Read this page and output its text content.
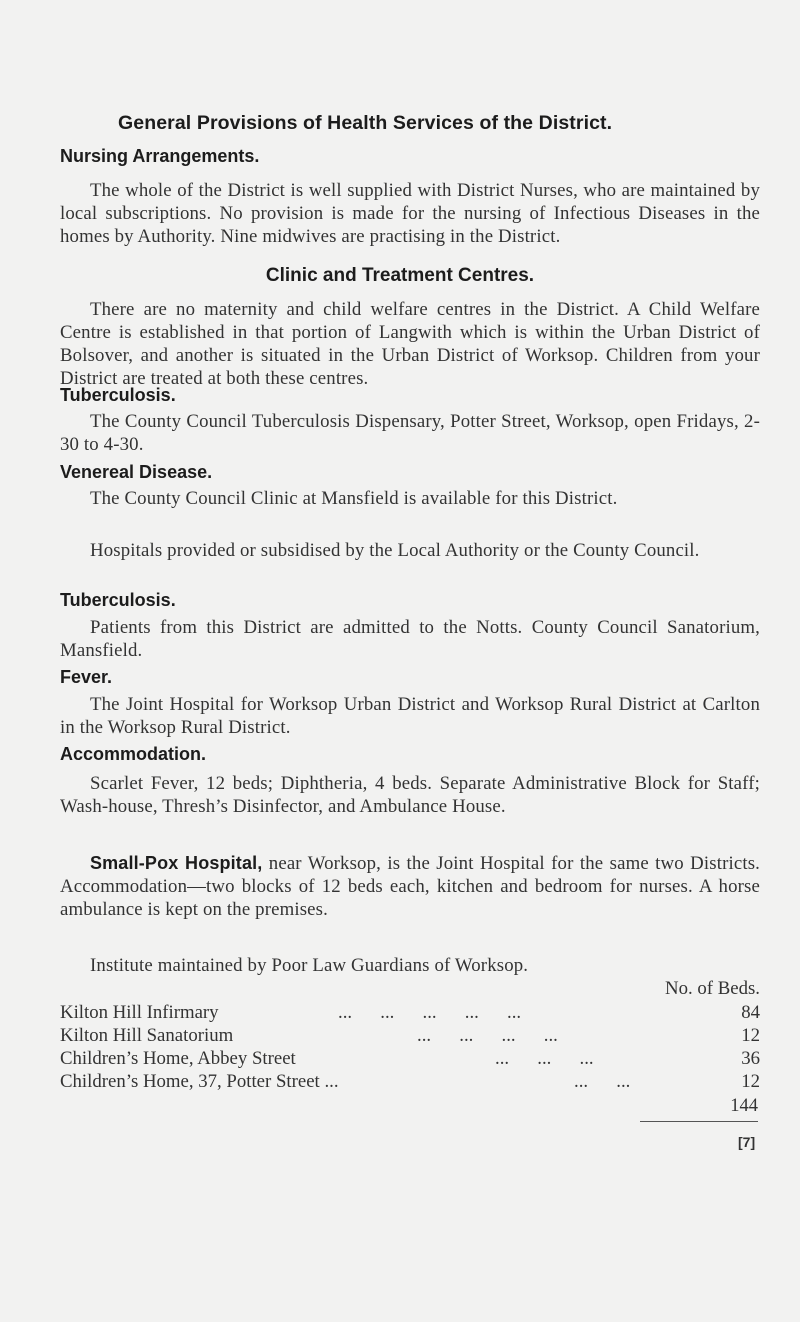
General Provisions of Health Services of the District.
Nursing Arrangements.
The whole of the District is well supplied with District Nurses, who are maintained by local subscriptions. No provision is made for the nursing of Infectious Diseases in the homes by Authority. Nine midwives are practising in the District.
Clinic and Treatment Centres.
There are no maternity and child welfare centres in the District. A Child Welfare Centre is established in that portion of Langwith which is within the Urban District of Bolsover, and another is situated in the Urban District of Worksop. Children from your District are treated at both these centres.
Tuberculosis.
The County Council Tuberculosis Dispensary, Potter Street, Worksop, open Fridays, 2-30 to 4-30.
Venereal Disease.
The County Council Clinic at Mansfield is available for this District.
Hospitals provided or subsidised by the Local Authority or the County Council.
Tuberculosis.
Patients from this District are admitted to the Notts. County Council Sanatorium, Mansfield.
Fever.
The Joint Hospital for Worksop Urban District and Worksop Rural District at Carlton in the Worksop Rural District.
Accommodation.
Scarlet Fever, 12 beds; Diphtheria, 4 beds. Separate Administrative Block for Staff; Wash-house, Thresh’s Disinfector, and Ambulance House.
Small-Pox Hospital, near Worksop, is the Joint Hospital for the same two Districts. Accommodation—two blocks of 12 beds each, kitchen and bedroom for nurses. A horse ambulance is kept on the premises.
Institute maintained by Poor Law Guardians of Worksop.
No. of Beds.
Kilton Hill Infirmary	...      ...      ...      ...      ...	84
Kilton Hill Sanatorium	...      ...      ...      ...	12
Children’s Home, Abbey Street	...      ...      ...	36
Children’s Home, 37, Potter Street ...	...      ...	12
144
[7]
